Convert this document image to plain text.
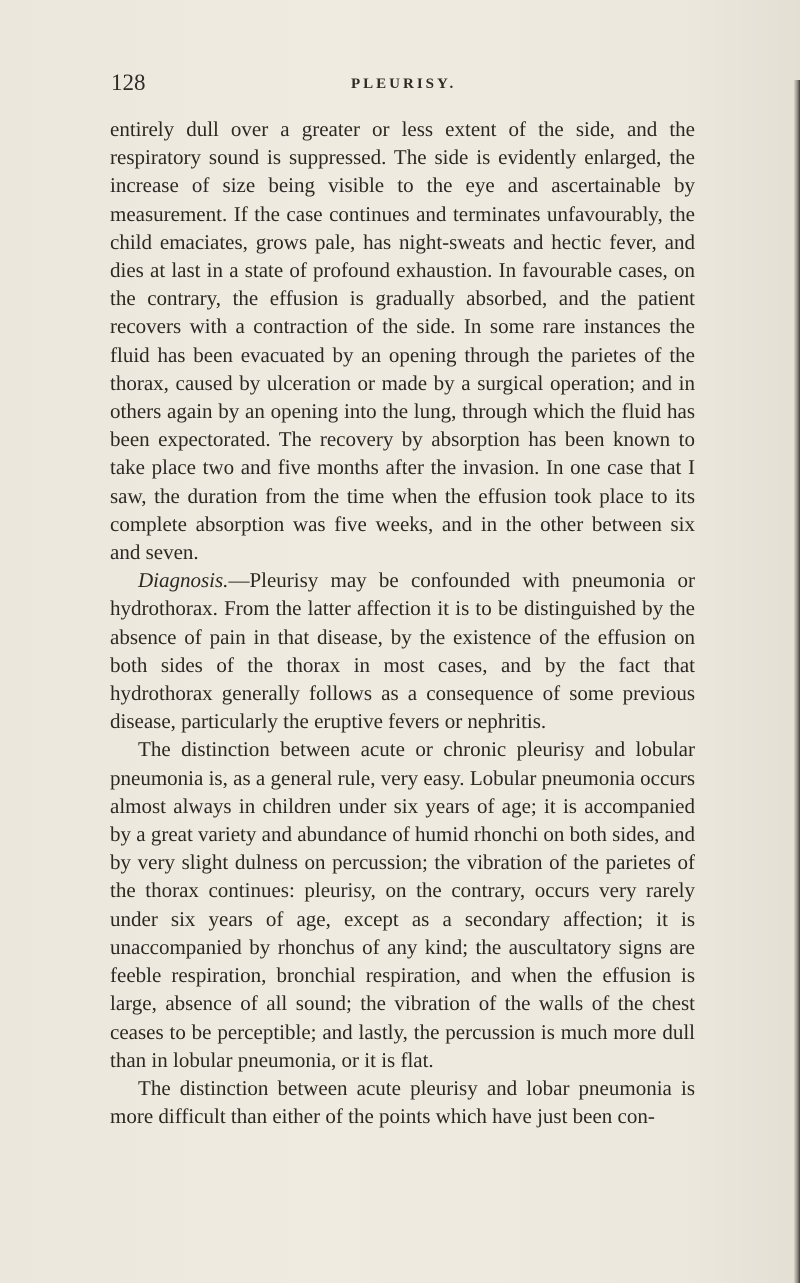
128	PLEURISY.

entirely dull over a greater or less extent of the side, and the respiratory sound is suppressed. The side is evidently enlarged, the increase of size being visible to the eye and ascertainable by measurement. If the case continues and terminates unfavourably, the child emaciates, grows pale, has night-sweats and hectic fever, and dies at last in a state of profound exhaustion. In favourable cases, on the contrary, the effusion is gradually absorbed, and the patient recovers with a contraction of the side. In some rare instances the fluid has been evacuated by an opening through the parietes of the thorax, caused by ulceration or made by a surgical operation; and in others again by an opening into the lung, through which the fluid has been expectorated. The recovery by absorption has been known to take place two and five months after the invasion. In one case that I saw, the duration from the time when the effusion took place to its complete absorption was five weeks, and in the other between six and seven.

Diagnosis.—Pleurisy may be confounded with pneumonia or hydrothorax. From the latter affection it is to be distinguished by the absence of pain in that disease, by the existence of the effusion on both sides of the thorax in most cases, and by the fact that hydrothorax generally follows as a consequence of some previous disease, particularly the eruptive fevers or nephritis.

The distinction between acute or chronic pleurisy and lobular pneumonia is, as a general rule, very easy. Lobular pneumonia occurs almost always in children under six years of age; it is accompanied by a great variety and abundance of humid rhonchi on both sides, and by very slight dulness on percussion; the vibration of the parietes of the thorax continues: pleurisy, on the contrary, occurs very rarely under six years of age, except as a secondary affection; it is unaccompanied by rhonchus of any kind; the auscultatory signs are feeble respiration, bronchial respiration, and when the effusion is large, absence of all sound; the vibration of the walls of the chest ceases to be perceptible; and lastly, the percussion is much more dull than in lobular pneumonia, or it is flat.

The distinction between acute pleurisy and lobar pneumonia is more difficult than either of the points which have just been con-
